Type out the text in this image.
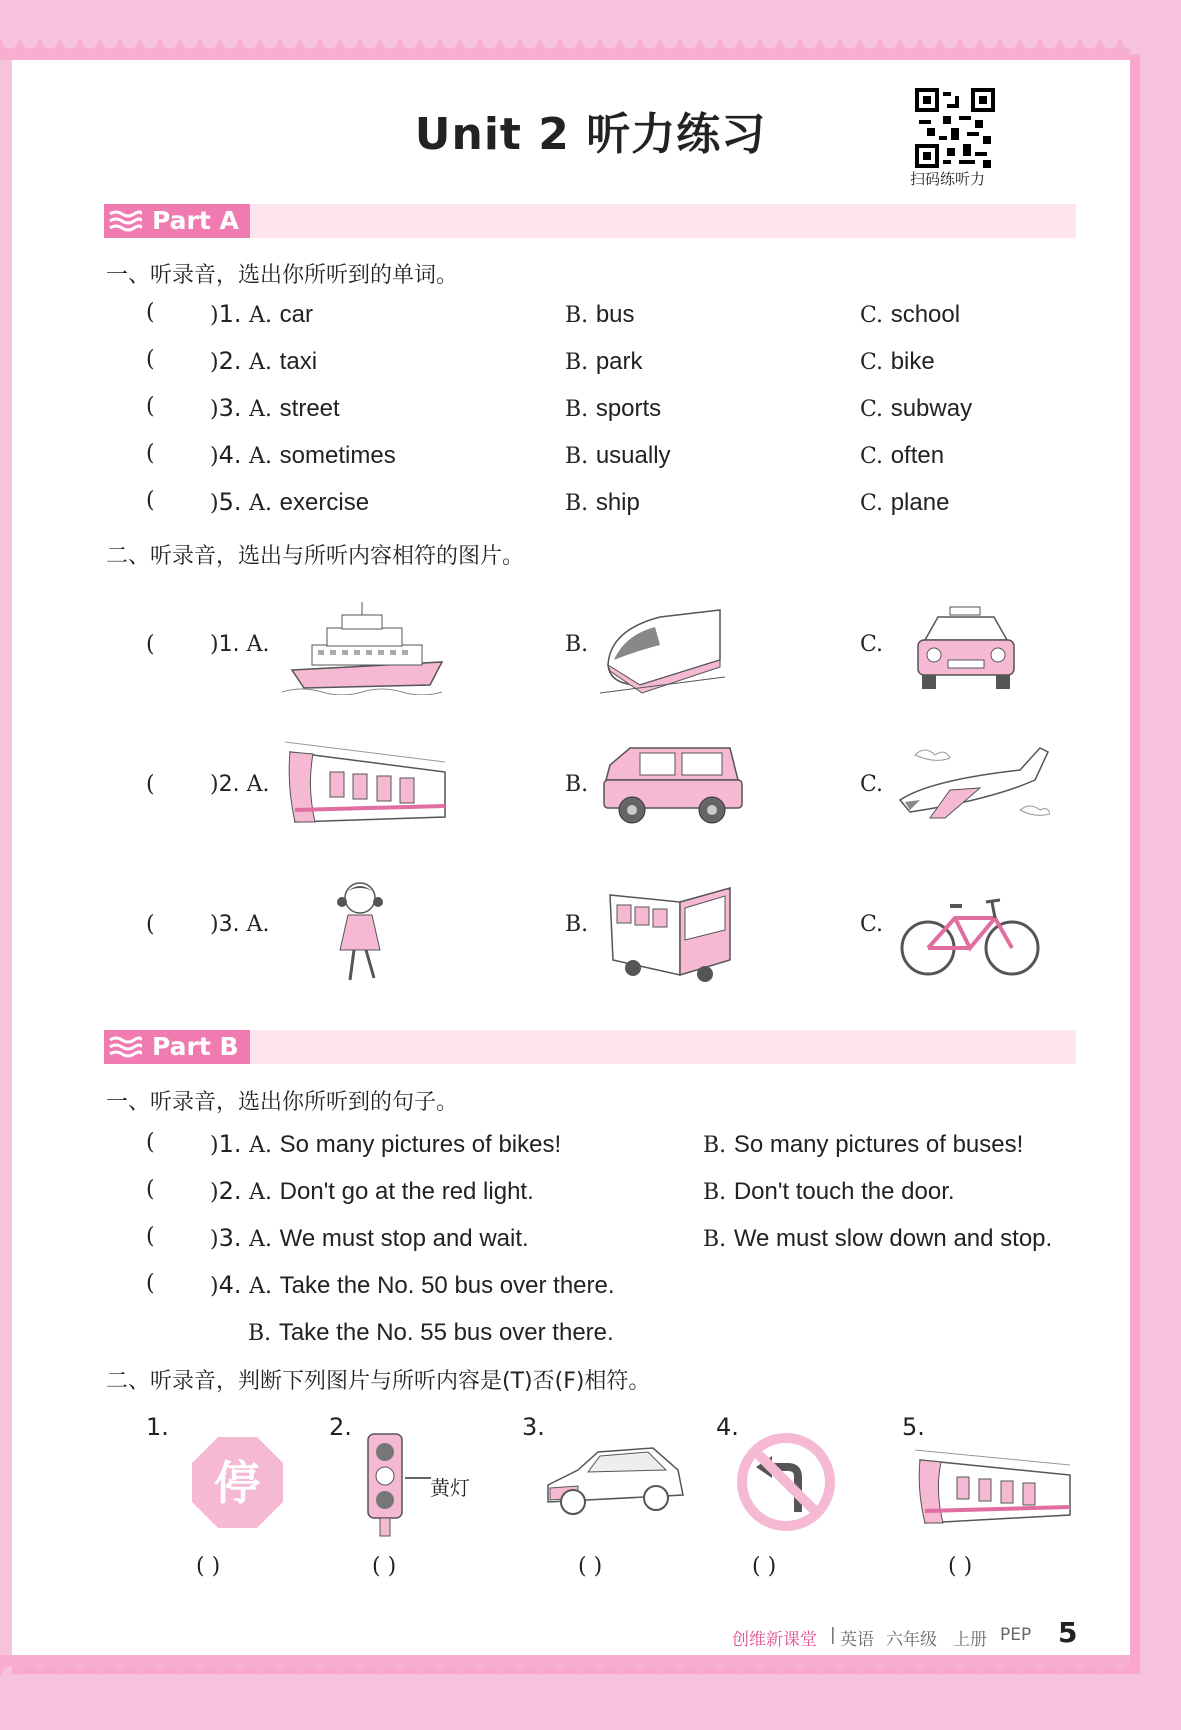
Unit 2 听力练习
扫码练听力
Part A
一、听录音，选出你所听到的单词。
(	)1. A. car	B. bus	C. school
(	)2. A. taxi	B. park	C. bike
(	)3. A. street	B. sports	C. subway
(	)4. A. sometimes	B. usually	C. often
(	)5. A. exercise	B. ship	C. plane
二、听录音，选出与所听内容相符的图片。
(	)1. A.	B.	C.
(	)2. A.	B.	C.
(	)3. A.	B.	C.
Part B
一、听录音，选出你所听到的句子。
(	)1. A. So many pictures of bikes!	B. So many pictures of buses!
(	)2. A. Don't go at the red light.	B. Don't touch the door.
(	)3. A. We must stop and wait.	B. We must slow down and stop.
(	)4. A. Take the No. 50 bus over there.
B. Take the No. 55 bus over there.
二、听录音，判断下列图片与所听内容是(T)否(F)相符。
1.
停
( )
2.
黄灯
( )
3.
( )
4.
( )
5.
( )
创维新课堂 | 英语 六年级 上册 PEP 5
